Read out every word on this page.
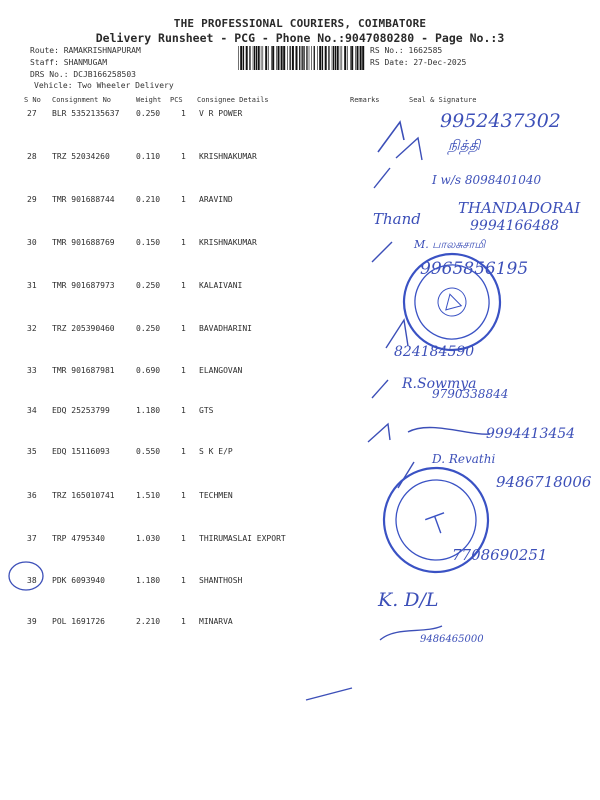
THE PROFESSIONAL COURIERS, COIMBATORE
Delivery Runsheet - PCG - Phone No.:9047080280 - Page No.:3
Route: RAMAKRISHNAPURAM
Staff: SHANMUGAM
DRS No.: DCJB166258503
Vehicle: Two Wheeler Delivery
RS No.: 1662585
RS Date: 27-Dec-2025
S No Consignment No	Weight PCS Consignee Details	Remarks	Seal & Signature
27 BLR 5352135637 0.250	1 V R POWER
28 TRZ 52034260	0.110	1 KRISHNAKUMAR
29 TMR 901688744	0.210	1 ARAVIND
30 TMR 901688769	0.150	1 KRISHNAKUMAR
31 TMR 901687973	0.250	1 KALAIVANI
32 TRZ 205390460	0.250	1 BAVADHARINI
33 TMR 901687981	0.690	1 ELANGOVAN
34 EDQ 25253799	1.180	1 GTS
35 EDQ 15116093	0.550	1 S K E/P
36 TRZ 165010741	1.510	1 TECHMEN
37 TRP 4795340	1.030	1 THIRUMASLAI EXPORT
38 PDK 6093940	1.180	1 SHANTHOSH
39 POL 1691726	2.210	1 MINARVA
9952437302
நித்தி
I w/s 8098401040
THANDADORAI
Thand	9994166488
M. பாலசுசாமி
9965856195
824184590
R.Sowmya
9790338844
9994413454
D. Revathi
9486718006
7708690251
K. D/L
9486465000
